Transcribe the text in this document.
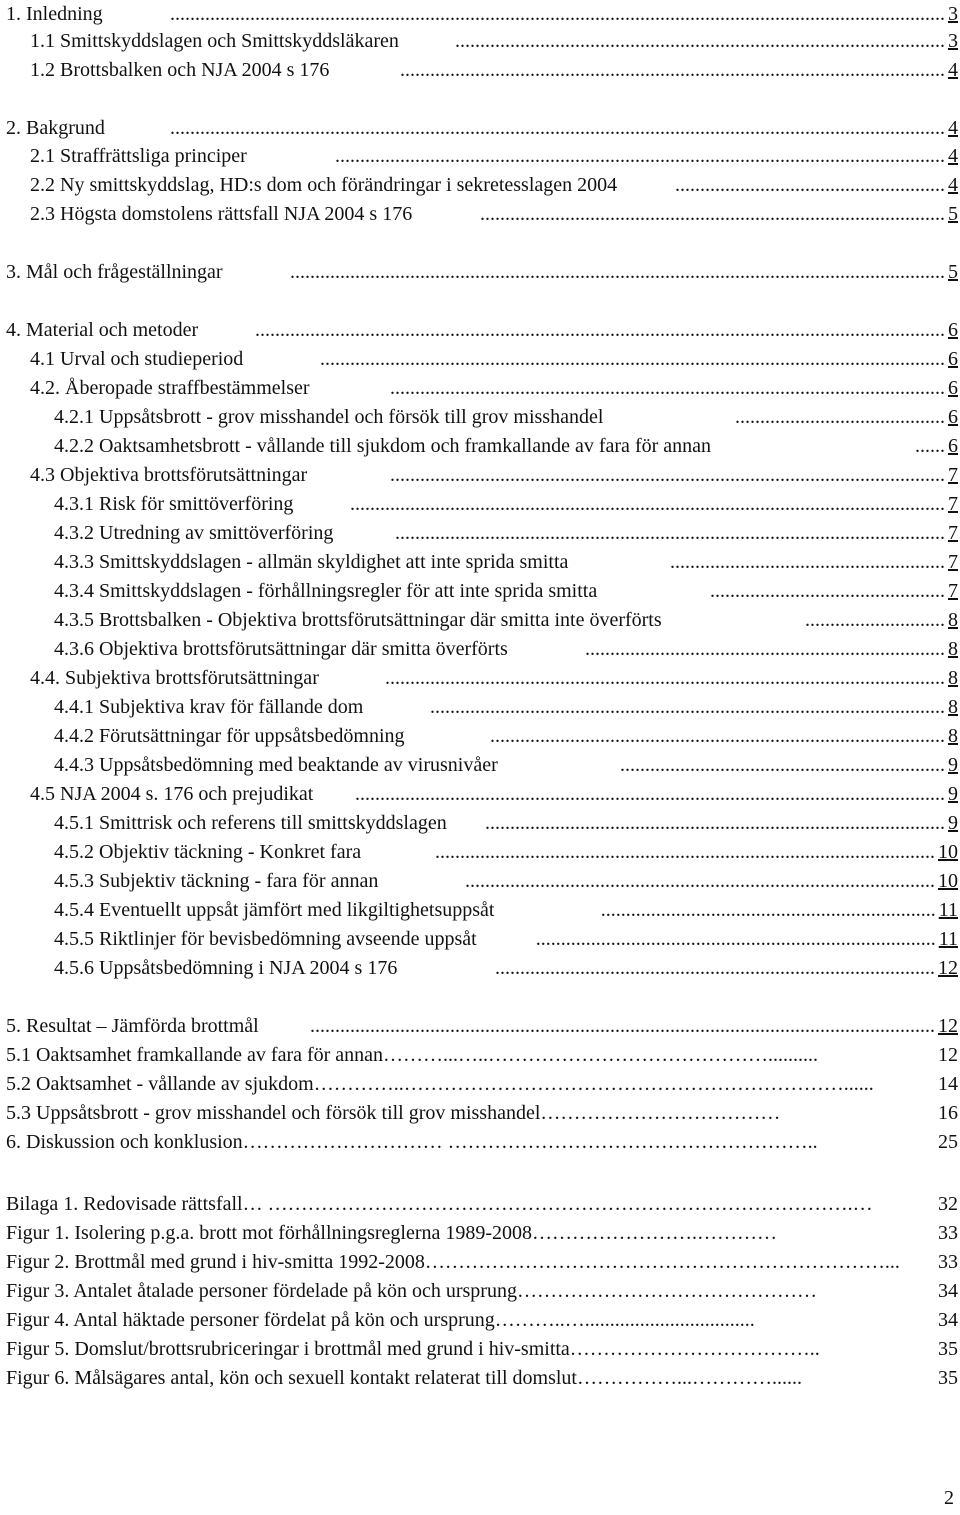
1. Inledning	........................................................................................................................................................... 3
1.1 Smittskyddslagen och Smittskyddsläkaren	.................................................................................................. 3
1.2 Brottsbalken och NJA 2004 s 176	............................................................................................................. 4
2. Bakgrund	........................................................................................................................................................... 4
2.1 Straffrättsliga principer	.......................................................................................................................... 4
2.2 Ny smittskyddslag, HD:s dom och förändringar i sekretesslagen 2004	...................................................... 4
2.3 Högsta domstolens rättsfall NJA 2004 s 176	............................................................................................. 5
3. Mål och frågeställningar	................................................................................................................................... 5
4. Material och metoder	.......................................................................................................................................... 6
4.1 Urval och studieperiod	............................................................................................................................. 6
4.2. Åberopade straffbestämmelser	............................................................................................................... 6
4.2.1 Uppsåtsbrott - grov misshandel och försök till grov misshandel	.......................................... 6
4.2.2 Oaktsamhetsbrott - vållande till sjukdom och framkallande av fara för annan	...... 6
4.3 Objektiva brottsförutsättningar	............................................................................................................... 7
4.3.1 Risk för smittöverföring	....................................................................................................................... 7
4.3.2 Utredning av smittöverföring	.............................................................................................................. 7
4.3.3 Smittskyddslagen - allmän skyldighet att inte sprida smitta	....................................................... 7
4.3.4 Smittskyddslagen - förhållningsregler för att inte sprida smitta	............................................... 7
4.3.5 Brottsbalken - Objektiva brottsförutsättningar där smitta inte överförts	............................ 8
4.3.6 Objektiva brottsförutsättningar där smitta överförts	........................................................................ 8
4.4. Subjektiva brottsförutsättningar	................................................................................................................ 8
4.4.1 Subjektiva krav för fällande dom	....................................................................................................... 8
4.4.2 Förutsättningar för uppsåtsbedömning	........................................................................................... 8
4.4.3 Uppsåtsbedömning med beaktande av virusnivåer	................................................................. 9
4.5 NJA 2004 s. 176 och prejudikat	...................................................................................................................... 9
4.5.1 Smittrisk och referens till smittskyddslagen	............................................................................................ 9
4.5.2 Objektiv täckning - Konkret fara	.................................................................................................... 10
4.5.3 Subjektiv täckning - fara för annan	.............................................................................................. 10
4.5.4 Eventuellt uppsåt jämfört med likgiltighetsuppsåt	................................................................... 11
4.5.5 Riktlinjer för bevisbedömning avseende uppsåt	................................................................................ 11
4.5.6 Uppsåtsbedömning i NJA 2004 s 176	........................................................................................ 12
5. Resultat – Jämförda brottmål	............................................................................................................................. 12
5.1 Oaktsamhet framkallande av fara för annan………...…..……………………………………..........	12
5.2 Oaktsamhet - vållande av sjukdom…………..…………………………………………………………......	14
5.3 Uppsåtsbrott - grov misshandel och försök till grov misshandel………………………………	16
6. Diskussion och konklusion………………………… ………………………………………………..	25
Bilaga 1. Redovisade rättsfall… …………………………………………………………………………….…	32
Figur 1. Isolering p.g.a. brott mot förhållningsreglerna 1989-2008…………………….…………	33
Figur 2. Brottmål med grund i hiv-smitta 1992-2008……………………………………………………………... 33
Figur 3. Antalet åtalade personer fördelade på kön och ursprung………………………………………	34
Figur 4. Antal häktade personer fördelat på kön och ursprung………..…..................................	34
Figur 5. Domslut/brottsrubriceringar i brottmål med grund i hiv-smitta………………………………..	35
Figur 6. Målsägares antal, kön och sexuell kontakt relaterat till domslut……………...…………......	35
2
